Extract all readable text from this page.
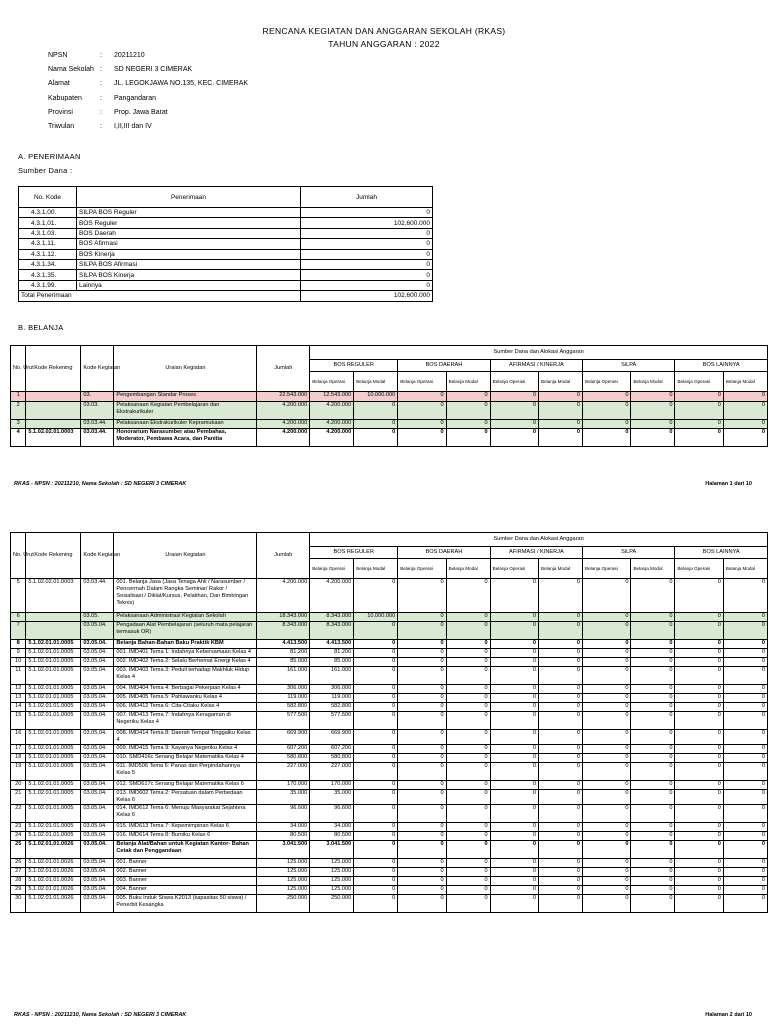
RENCANA KEGIATAN DAN ANGGARAN SEKOLAH (RKAS)
TAHUN ANGGARAN : 2022
NPSN	:	20211210
Nama Sekolah :	SD NEGERI 3 CIMERAK
Alamat	:	JL. LEGOKJAWA NO.135, KEC. CIMERAK
Kabupaten	:	Pangandaran
Provinsi	:	Prop. Jawa Barat
Triwulan	:	I,II,III dan IV
A. PENERIMAAN
Sumber Dana :
No. Kode	Penerimaan	Jumlah
4.3.1.00.	SILPA BOS Reguler	0
4.3.1.01.	BOS Reguler	102.600.000
4.3.1.03.	BOS Daerah	0
4.3.1.11.	BOS Afirmasi	0
4.3.1.12.	BOS Kinerja	0
4.3.1.34.	SILPA BOS Afirmasi	0
4.3.1.35.	SILPA BOS Kinerja	0
4.3.1.99.	Lainnya	0
Total Penerimaan		102.600.000
B. BELANJA
No. Urut	Kode Rekening	Kode Kegiatan	Uraian Kegiatan	Jumlah	Sumber Dana dan Alokasi Anggaran									
					BOS REGULER		BOS DAERAH		AFIRMASI / KINERJA		SiLPA		BOS LAINNYA	
					Belanja Operasi	Belanja Modal	Belanja Operasi	Belanja Modal	Belanja Operasi	Belanja Modal	Belanja Operasi	Belanja Modal	Belanja Operasi	Belanja Modal
1		03.	Pengembangan Standar Proses	22.543.000	12.543.000	10.000.000	0	0	0	0	0	0	0	0
2		03.03.	Pelaksanaan Kegiatan Pembelajaran dan Ekstrakurikuler	4.200.000	4.200.000	0	0	0	0	0	0	0	0	0
3		03.03.44.	Pelaksanaan Ekstrakurikuler Kepramukaan	4.200.000	4.200.000	0	0	0	0	0	0	0	0	0
4	5.1.02.02.01.0003	03.03.44.	Honorarium Narasumber atau Pembahas, Moderator, Pembawa Acara, dan Panitia	4.200.000	4.200.000	0	0	0	0	0	0	0	0	0
RKAS - NPSN : 20211210, Nama Sekolah : SD NEGERI 3 CIMERAK	Halaman 1 dari 10
No. Urut	Kode Rekening	Kode Kegiatan	Uraian Kegiatan	Jumlah	Sumber Dana dan Alokasi Anggaran									
					BOS REGULER		BOS DAERAH		AFIRMASI / KINERJA		SiLPA		BOS LAINNYA	
					Belanja Operasi	Belanja Modal	Belanja Operasi	Belanja Modal	Belanja Operasi	Belanja Modal	Belanja Operasi	Belanja Modal	Belanja Operasi	Belanja Modal
5	5.1.02.02.01.0003	03.03.44.	001. Belanja Jasa (Jasa Tenaga Ahli / Narasumber / Pencermah Dalam Rangka Seminar/ Rakor / Sosialisasi / Diklat/Kursus, Pelatihan, Dan Bimbingan Teknis)	4.200.000	4.200.000	0	0	0	0	0	0	0	0	0
6		03.05.	Pelaksanaan Administrasi Kegiatan Sekolah	18.343.000	8.343.000	10.000.000	0	0	0	0	0	0	0	0
7		03.05.04.	Pengadaan Alat Pembelajaran (seluruh mata pelajaran termasuk OR)	8.343.000	8.343.000	0	0	0	0	0	0	0	0	0
8	5.1.02.01.01.0005	03.05.04.	Belanja Bahan-Bahan Baku Praktik KBM	4.413.500	4.413.500	0	0	0	0	0	0	0	0	0
9	5.1.02.01.01.0005	03.05.04.	001. IMD401 Tema 1: Indahnya Kebersamaan Kelas 4	81.200	81.200	0	0	0	0	0	0	0	0	0
10	5.1.02.01.01.0005	03.05.04.	002. IMD402 Tema 2: Selalu Berhemat Energi Kelas 4	85.000	85.000	0	0	0	0	0	0	0	0	0
11	5.1.02.01.01.0005	03.05.04.	003. IMD403 Tema 3: Peduli terhadap Makhluk Hidup Kelas 4	161.000	161.000	0	0	0	0	0	0	0	0	0
12	5.1.02.01.01.0005	03.05.04.	004. IMD404 Tema 4: Berbagai Pekerjaan Kelas 4	306.000	306.000	0	0	0	0	0	0	0	0	0
13	5.1.02.01.01.0005	03.05.04.	005. IMD405 Tema 5: Pahlawanku Kelas 4	119.000	119.000	0	0	0	0	0	0	0	0	0
14	5.1.02.01.01.0005	03.05.04.	006. IMD412 Tema 6: Cita-Citaku Kelas 4	582.800	582.800	0	0	0	0	0	0	0	0	0
15	5.1.02.01.01.0005	03.05.04.	007. IMD413 Tema 7: Indahnya Keragaman di Negeriku Kelas 4	577.500	577.500	0	0	0	0	0	0	0	0	0
16	5.1.02.01.01.0005	03.05.04.	008. IMD414 Tema 8: Daerah Tempat Tinggalku Kelas 4	669.900	669.900	0	0	0	0	0	0	0	0	0
17	5.1.02.01.01.0005	03.05.04.	009. IMD415 Tema 9: Kayanya Negeriku Kelas 4	607.200	607.200	0	0	0	0	0	0	0	0	0
18	5.1.02.01.01.0005	03.05.04.	010. SMD416c Senang Belajar Matematika Kelas 4	580.800	580.800	0	0	0	0	0	0	0	0	0
19	5.1.02.01.01.0005	03.05.04.	011. IMD506 Tema 6: Panas dan Perpindahannya Kelas 5	227.000	227.000	0	0	0	0	0	0	0	0	0
20	5.1.02.01.01.0005	03.05.04.	012. SMD617c Senang Belajar Matematika Kelas 6	170.000	170.000	0	0	0	0	0	0	0	0	0
21	5.1.02.01.01.0005	03.05.04.	013. IMD602 Tema 2: Persatuan dalam Perbedaan Kelas 6	35.000	35.000	0	0	0	0	0	0	0	0	0
22	5.1.02.01.01.0005	03.05.04.	014. IMD612 Tema 6: Menuju Masyarakat Sejahtera Kelas 6	96.600	96.600	0	0	0	0	0	0	0	0	0
23	5.1.02.01.01.0005	03.05.04.	015. IMD613 Tema 7: Kepemimpinan Kelas 6	34.000	34.000	0	0	0	0	0	0	0	0	0
24	5.1.02.01.01.0005	03.05.04.	016. IMD614 Tema 8: Bumiku Kelas 6	80.500	80.500	0	0	0	0	0	0	0	0	0
25	5.1.02.01.01.0026	03.05.04.	Belanja Alat/Bahan untuk Kegiatan Kantor- Bahan Cetak dan Penggandaan	3.041.500	3.041.500	0	0	0	0	0	0	0	0	0
26	5.1.02.01.01.0026	03.05.04.	001. Banner	125.000	125.000	0	0	0	0	0	0	0	0	0
27	5.1.02.01.01.0026	03.05.04.	002. Banner	125.000	125.000	0	0	0	0	0	0	0	0	0
28	5.1.02.01.01.0026	03.05.04.	003. Banner	125.000	125.000	0	0	0	0	0	0	0	0	0
29	5.1.02.01.01.0026	03.05.04.	004. Banner	125.000	125.000	0	0	0	0	0	0	0	0	0
30	5.1.02.01.01.0026	03.05.04.	005. Buku Induk Siswa K2013 (kapasitas 50 siswa) / Penerbit Kesangka	250.000	250.000	0	0	0	0	0	0	0	0	0
RKAS - NPSN : 20211210, Nama Sekolah : SD NEGERI 3 CIMERAK	Halaman 2 dari 10
